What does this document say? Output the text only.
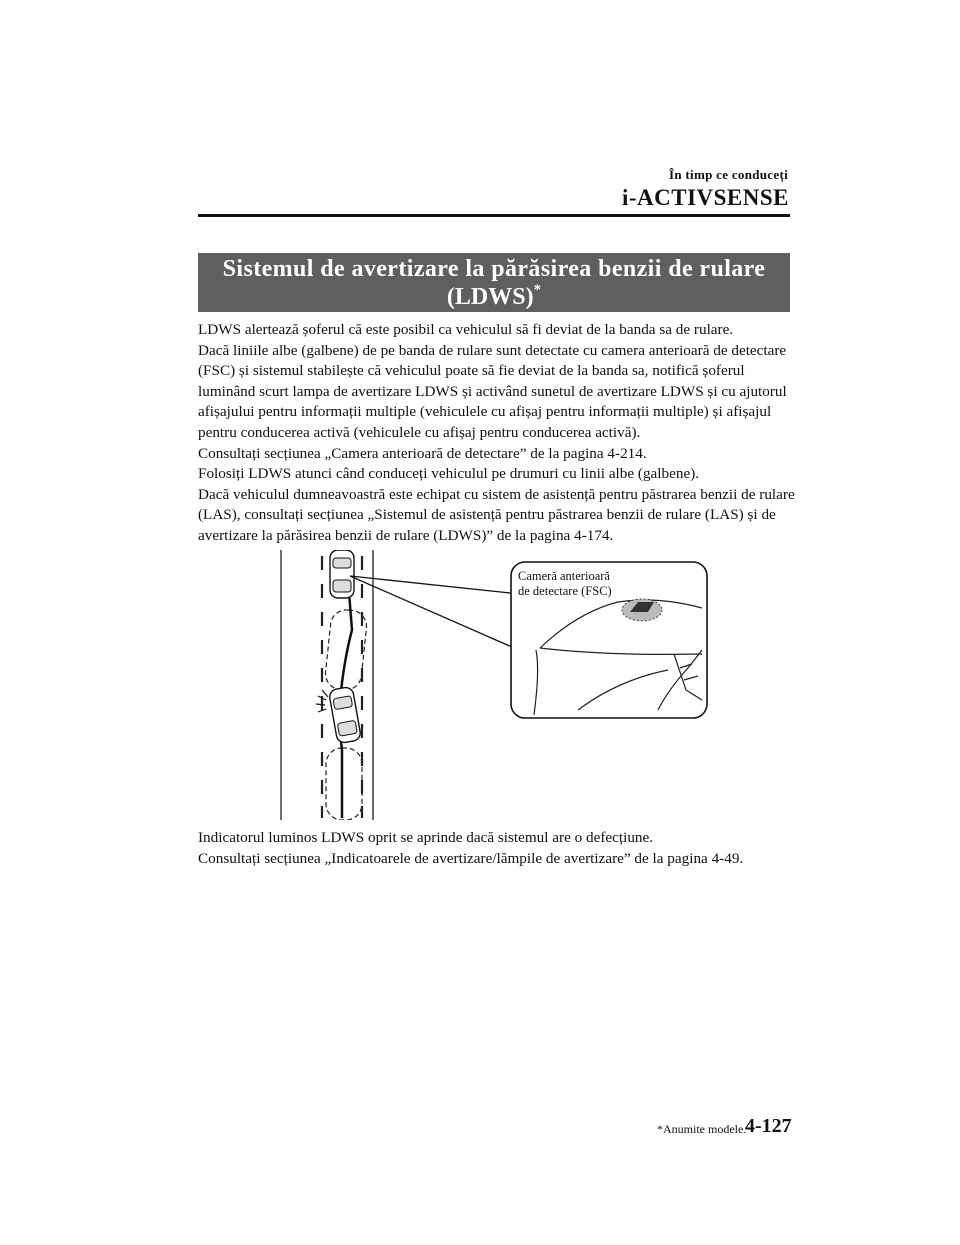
În timp ce conduceți
i-ACTIVSENSE
Sistemul de avertizare la părăsirea benzii de rulare
(LDWS)*

LDWS alertează șoferul că este posibil ca vehiculul să fi deviat de la banda sa de rulare.

Dacă liniile albe (galbene) de pe banda de rulare sunt detectate cu camera anterioară de detectare (FSC) și sistemul stabilește că vehiculul poate să fie deviat de la banda sa, notifică șoferul luminând scurt lampa de avertizare LDWS și activând sunetul de avertizare LDWS și cu ajutorul afișajului pentru informații multiple (vehiculele cu afișaj pentru informații multiple) și afișajul pentru conducerea activă (vehiculele cu afișaj pentru conducerea activă).

Consultați secțiunea „Camera anterioară de detectare” de la pagina 4-214.

Folosiți LDWS atunci când conduceți vehiculul pe drumuri cu linii albe (galbene).

Dacă vehiculul dumneavoastră este echipat cu sistem de asistență pentru păstrarea benzii de rulare (LAS), consultați secțiunea „Sistemul de asistență pentru păstrarea benzii de rulare (LAS) și de avertizare la părăsirea benzii de rulare (LDWS)” de la pagina 4-174.

Cameră anterioară
de detectare (FSC)

Indicatorul luminos LDWS oprit se aprinde dacă sistemul are o defecțiune.

Consultați secțiunea „Indicatoarele de avertizare/lămpile de avertizare” de la pagina 4-49.

*Anumite modele.
4-127
